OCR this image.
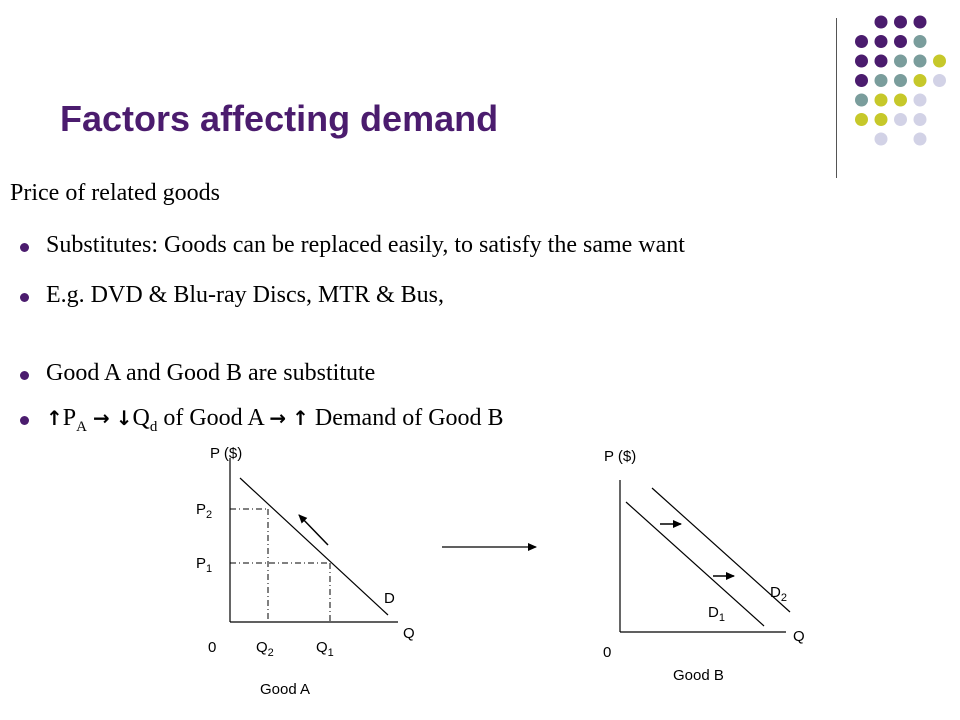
Factors affecting demand
Price of related goods
Substitutes: Goods can be replaced easily, to satisfy the same want
E.g. DVD & Blu-ray Discs, MTR & Bus,
Good A and Good B are substitute
$↑P_A$ → $↓Q_d$ of Good A → ↑ Demand of Good B
P ($)
$P_2$
$P_1$
D
Q
0	$Q_2$	$Q_1$
Good A
P ($)
$D_2$
$D_1$
Q
0
Good B
